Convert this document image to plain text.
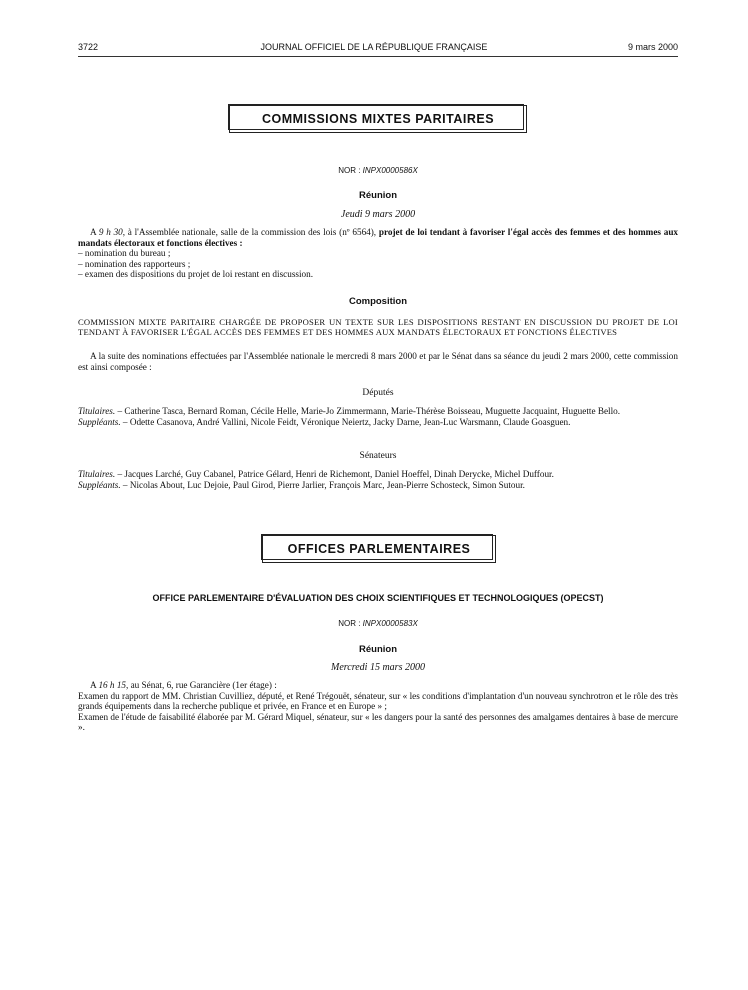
3722	JOURNAL OFFICIEL DE LA RÉPUBLIQUE FRANÇAISE	9 mars 2000
COMMISSIONS MIXTES PARITAIRES
NOR : INPX0000586X
Réunion
Jeudi 9 mars 2000

A 9 h 30, à l'Assemblée nationale, salle de la commission des lois (nº 6564), projet de loi tendant à favoriser l'égal accès des femmes et des hommes aux mandats électoraux et fonctions électives :

– nomination du bureau ;

– nomination des rapporteurs ;

– examen des dispositions du projet de loi restant en discussion.

Composition
COMMISSION MIXTE PARITAIRE CHARGÉE DE PROPOSER UN TEXTE SUR LES DISPOSITIONS RESTANT EN DISCUSSION DU PROJET DE LOI TENDANT À FAVORISER L'ÉGAL ACCÈS DES FEMMES ET DES HOMMES AUX MANDATS ÉLECTORAUX ET FONCTIONS ÉLECTIVES

A la suite des nominations effectuées par l'Assemblée nationale le mercredi 8 mars 2000 et par le Sénat dans sa séance du jeudi 2 mars 2000, cette commission est ainsi composée :

Députés

Titulaires. – Catherine Tasca, Bernard Roman, Cécile Helle, Marie-Jo Zimmermann, Marie-Thérèse Boisseau, Muguette Jacquaint, Huguette Bello.

Suppléants. – Odette Casanova, André Vallini, Nicole Feidt, Véronique Neiertz, Jacky Darne, Jean-Luc Warsmann, Claude Goasguen.

Sénateurs

Titulaires. – Jacques Larché, Guy Cabanel, Patrice Gélard, Henri de Richemont, Daniel Hoeffel, Dinah Derycke, Michel Duffour.

Suppléants. – Nicolas About, Luc Dejoie, Paul Girod, Pierre Jarlier, François Marc, Jean-Pierre Schosteck, Simon Sutour.

OFFICES PARLEMENTAIRES
OFFICE PARLEMENTAIRE D'ÉVALUATION DES CHOIX SCIENTIFIQUES ET TECHNOLOGIQUES (OPECST)
NOR : INPX0000583X
Réunion
Mercredi 15 mars 2000

A 16 h 15, au Sénat, 6, rue Garancière (1er étage) :

Examen du rapport de MM. Christian Cuvilliez, député, et René Trégouët, sénateur, sur « les conditions d'implantation d'un nouveau synchrotron et le rôle des très grands équipements dans la recherche publique et privée, en France et en Europe » ;

Examen de l'étude de faisabilité élaborée par M. Gérard Miquel, sénateur, sur « les dangers pour la santé des personnes des amalgames dentaires à base de mercure ».
